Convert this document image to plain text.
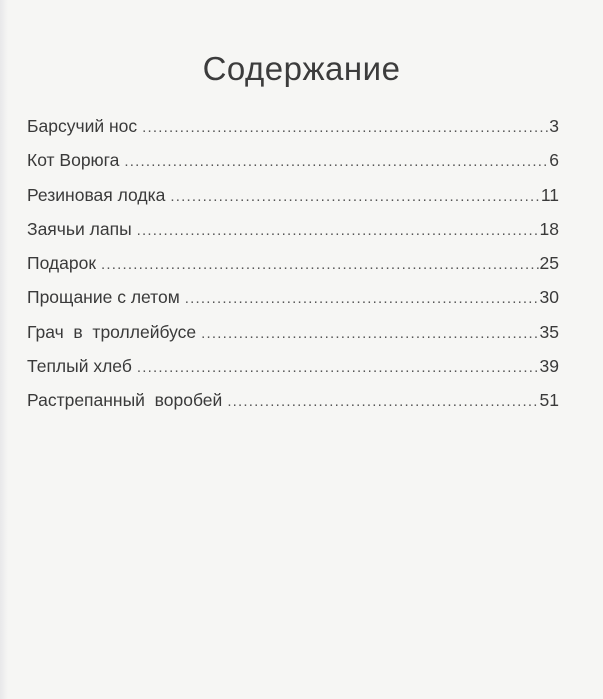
Содержание
Барсучий нос .....	3
Кот Ворюга .....	6
Резиновая лодка .....	11
Заячьи лапы .....	18
Подарок .....	25
Прощание с летом .....	30
Грач  в  троллейбусе .....	35
Теплый хлеб .....	39
Растрепанный  воробей .....	51
